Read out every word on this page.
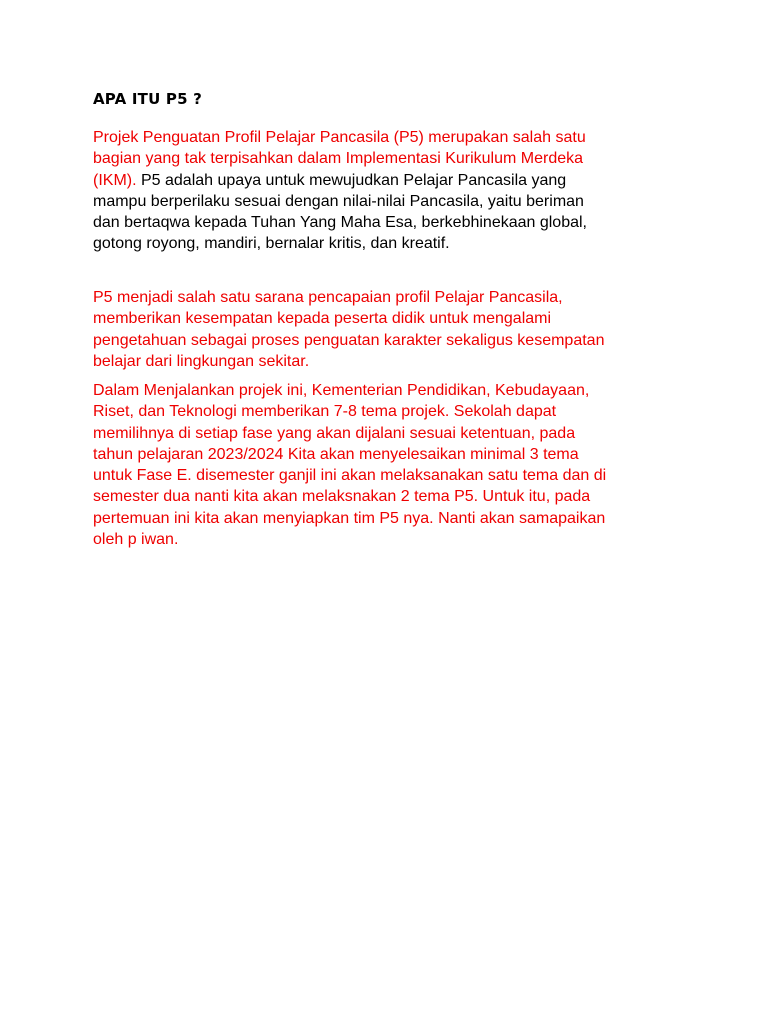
APA ITU P5 ?

Projek Penguatan Profil Pelajar Pancasila (P5) merupakan salah satu
bagian yang tak terpisahkan dalam Implementasi Kurikulum Merdeka
(IKM). P5 adalah upaya untuk mewujudkan Pelajar Pancasila yang
mampu berperilaku sesuai dengan nilai-nilai Pancasila, yaitu beriman
dan bertaqwa kepada Tuhan Yang Maha Esa, berkebhinekaan global,
gotong royong, mandiri, bernalar kritis, dan kreatif.

P5 menjadi salah satu sarana pencapaian profil Pelajar Pancasila,
memberikan kesempatan kepada peserta didik untuk mengalami
pengetahuan sebagai proses penguatan karakter sekaligus kesempatan
belajar dari lingkungan sekitar.

Dalam Menjalankan projek ini, Kementerian Pendidikan, Kebudayaan,
Riset, dan Teknologi memberikan 7-8 tema projek. Sekolah dapat
memilihnya di setiap fase yang akan dijalani sesuai ketentuan, pada
tahun pelajaran 2023/2024 Kita akan menyelesaikan minimal 3 tema
untuk Fase E. disemester ganjil ini akan melaksanakan satu tema dan di
semester dua nanti kita akan melaksnakan 2 tema P5. Untuk itu, pada
pertemuan ini kita akan menyiapkan tim P5 nya. Nanti akan samapaikan
oleh p iwan.
